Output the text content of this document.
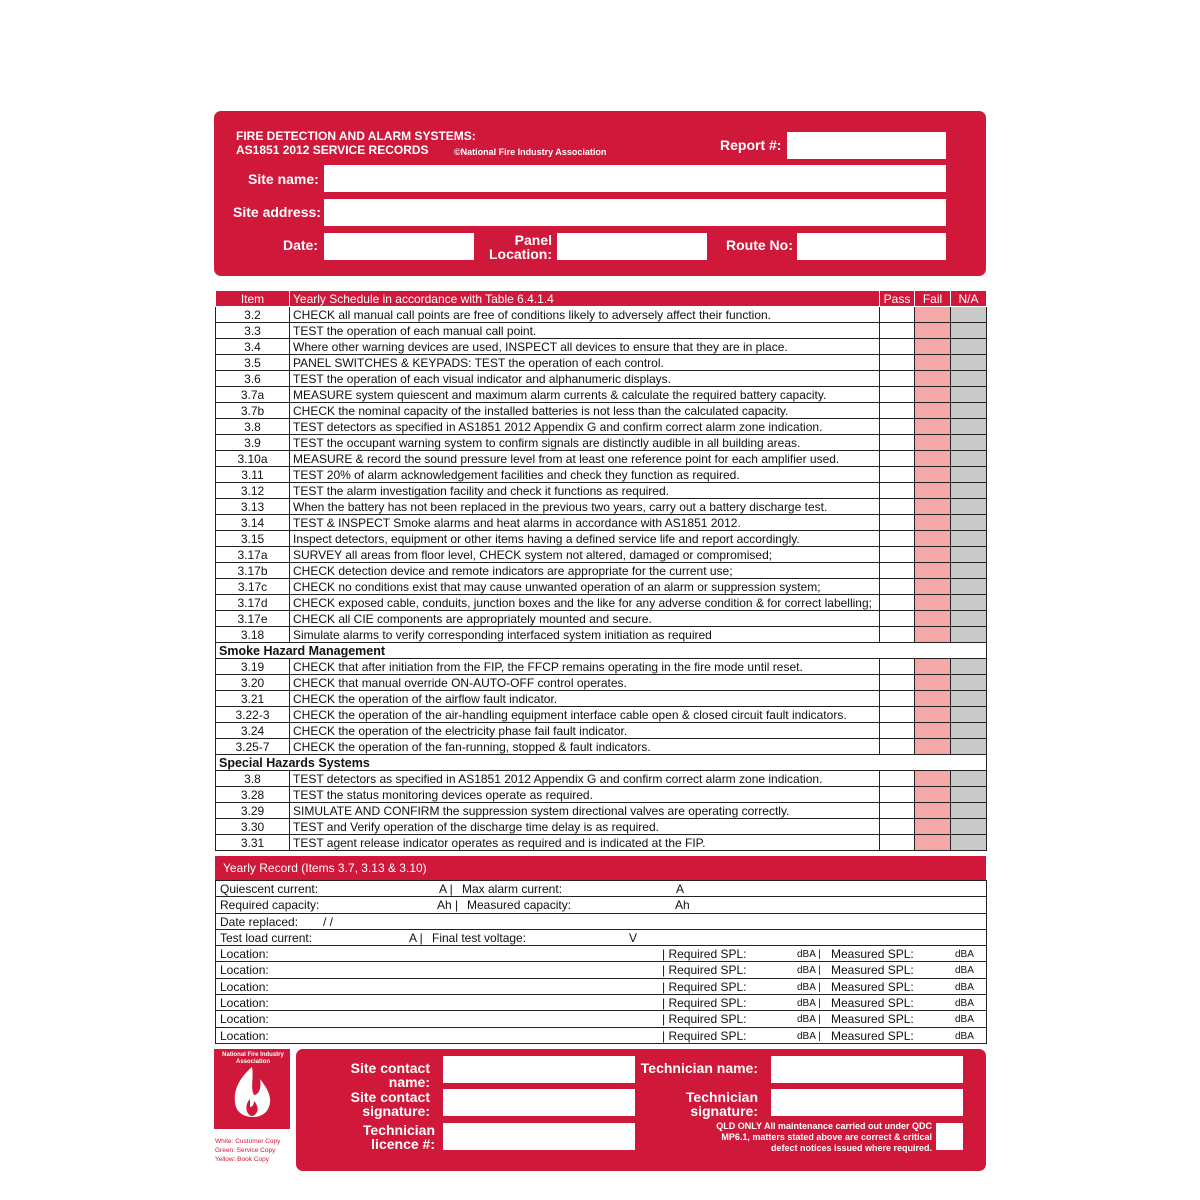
FIRE DETECTION AND ALARM SYSTEMS:
AS1851 2012 SERVICE RECORDS	©National Fire Industry Association	Report #:
Site name:
Site address:
Date:	Panel
Location:
Route No:
Item	Yearly Schedule in accordance with Table 6.4.1.4	Pass	Fail	N/A
3.2	CHECK all manual call points are free of conditions likely to adversely affect their function.			
3.3	TEST the operation of each manual call point.			
3.4	Where other warning devices are used, INSPECT all devices to ensure that they are in place.			
3.5	PANEL SWITCHES & KEYPADS: TEST the operation of each control.			
3.6	TEST the operation of each visual indicator and alphanumeric displays.			
3.7a	MEASURE system quiescent and maximum alarm currents & calculate the required battery capacity.			
3.7b	CHECK the nominal capacity of the installed batteries is not less than the calculated capacity.			
3.8	TEST detectors as specified in AS1851 2012 Appendix G and confirm correct alarm zone indication.			
3.9	TEST the occupant warning system to confirm signals are distinctly audible in all building areas.			
3.10a	MEASURE & record the sound pressure level from at least one reference point for each amplifier used.			
3.11	TEST 20% of alarm acknowledgement facilities and check they function as required.			
3.12	TEST the alarm investigation facility and check it functions as required.			
3.13	When the battery has not been replaced in the previous two years, carry out a battery discharge test.			
3.14	TEST & INSPECT Smoke alarms and heat alarms in accordance with AS1851 2012.			
3.15	Inspect detectors, equipment or other items having a defined service life and report accordingly.			
3.17a	SURVEY all areas from floor level, CHECK system not altered, damaged or compromised;			
3.17b	CHECK detection device and remote indicators are appropriate for the current use;			
3.17c	CHECK no conditions exist that may cause unwanted operation of an alarm or suppression system;			
3.17d	CHECK exposed cable, conduits, junction boxes and the like for any adverse condition & for correct labelling;			
3.17e	CHECK all CIE components are appropriately mounted and secure.			
3.18	Simulate alarms to verify corresponding interfaced system initiation as required			
Smoke Hazard Management				
3.19	CHECK that after initiation from the FIP, the FFCP remains operating in the fire mode until reset.			
3.20	CHECK that manual override ON-AUTO-OFF control operates.			
3.21	CHECK the operation of the airflow fault indicator.			
3.22-3	CHECK the operation of the air-handling equipment interface cable open & closed circuit fault indicators.			
3.24	CHECK the operation of the electricity phase fail fault indicator.			
3.25-7	CHECK the operation of the fan-running, stopped & fault indicators.			
Special Hazards Systems				
3.8	TEST detectors as specified in AS1851 2012 Appendix G and confirm correct alarm zone indication.			
3.28	TEST the status monitoring devices operate as required.			
3.29	SIMULATE AND CONFIRM the suppression system directional valves are operating correctly.			
3.30	TEST and Verify operation of the discharge time delay is as required.			
3.31	TEST agent release indicator operates as required and is indicated at the FIP.			
Yearly Record (Items 3.7, 3.13 & 3.10)
Quiescent current:	A | Max alarm current:	A

Required capacity:	Ah | Measured capacity:	Ah

Date replaced: / /

Test load current:	A | Final test voltage:	V

Location:	| Required SPL:	dBA | Measured SPL:	dBA

Location:	| Required SPL:	dBA | Measured SPL:	dBA

Location:	| Required SPL:	dBA | Measured SPL:	dBA

Location:	| Required SPL:	dBA | Measured SPL:	dBA

Location:	| Required SPL:	dBA | Measured SPL:	dBA

Location:	| Required SPL:	dBA | Measured SPL:	dBA
National Fire Industry Association
Australia
White: Customer Copy
Green: Service Copy
Yellow: Book Copy
Site contact name:
Site contact
signature:
Technician
licence #:
Technician name:
Technician
signature:
QLD ONLY All maintenance carried out under QDC
MP6.1, matters stated above are correct & critical
defect notices issued where required.
